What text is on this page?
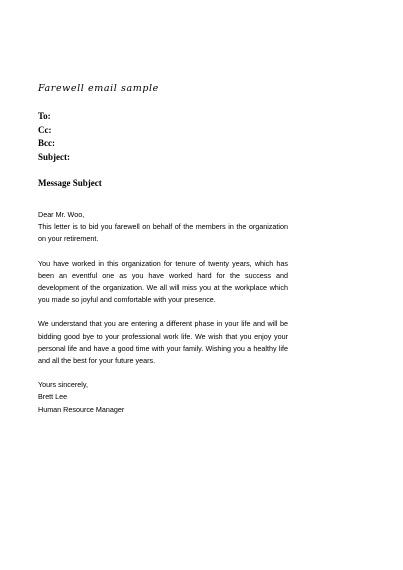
Farewell email sample
To:
Cc:
Bcc:
Subject:
Message Subject
Dear Mr. Woo,
This letter is to bid you farewell on behalf of the members in the organization
on your retirement.
You have worked in this organization for tenure of twenty years, which has
been an eventful one as you have worked hard for the success and
development of the organization. We all will miss you at the workplace which
you made so joyful and comfortable with your presence.
We understand that you are entering a different phase in your life and will be
bidding good bye to your professional work life. We wish that you enjoy your
personal life and have a good time with your family. Wishing you a healthy life
and all the best for your future years.
Yours sincerely,
Brett Lee
Human Resource Manager
